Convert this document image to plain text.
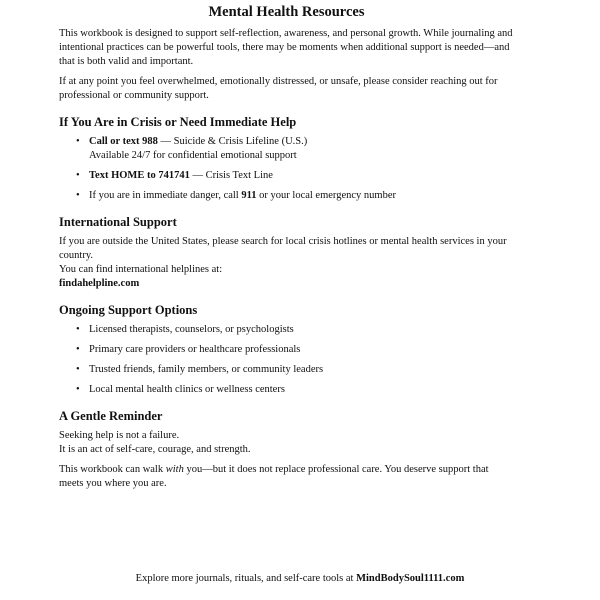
Mental Health Resources

This workbook is designed to support self-reflection, awareness, and personal growth. While journaling and intentional practices can be powerful tools, there may be moments when additional support is needed—and that is both valid and important.

If at any point you feel overwhelmed, emotionally distressed, or unsafe, please consider reaching out for professional or community support.

If You Are in Crisis or Need Immediate Help
• Call or text 988 — Suicide & Crisis Lifeline (U.S.)
Available 24/7 for confidential emotional support
• Text HOME to 741741 — Crisis Text Line
• If you are in immediate danger, call 911 or your local emergency number
International Support
If you are outside the United States, please search for local crisis hotlines or mental health services in your country.
You can find international helplines at:
findahelpline.com
Ongoing Support Options
• Licensed therapists, counselors, or psychologists
• Primary care providers or healthcare professionals
• Trusted friends, family members, or community leaders
• Local mental health clinics or wellness centers
A Gentle Reminder
Seeking help is not a failure.
It is an act of self-care, courage, and strength.

This workbook can walk with you—but it does not replace professional care. You deserve support that meets you where you are.

Explore more journals, rituals, and self-care tools at MindBodySoul1111.com
